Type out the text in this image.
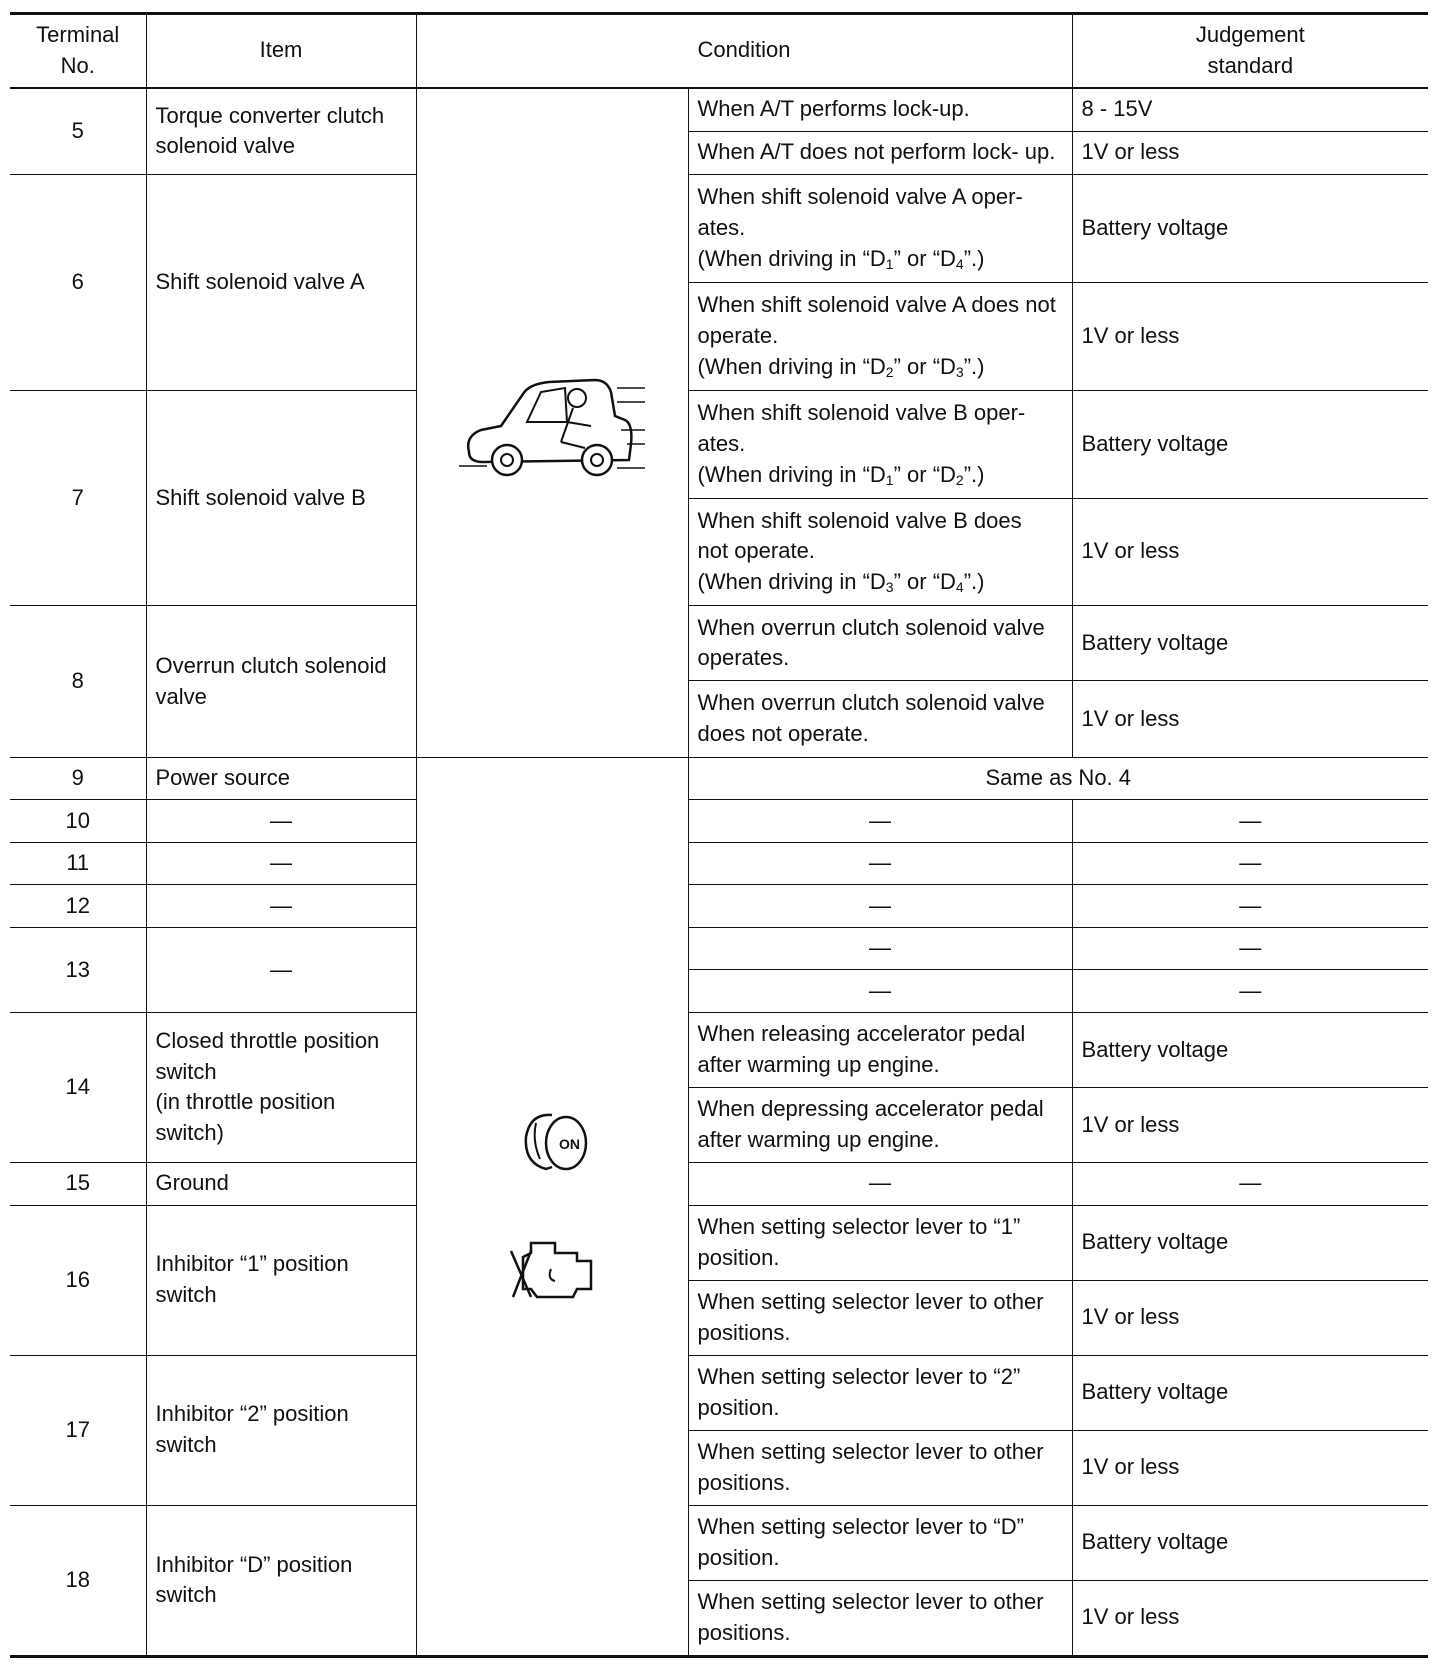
Terminal
No.	Item	Condition		Judgement
standard
5	Torque converter clutch solenoid valve		When A/T performs lock-up.	8 - 15V
			When A/T does not perform lock- up.	1V or less
6	Shift solenoid valve A		When shift solenoid valve A oper-
ates.
(When driving in “$D_1$” or “$D_4$”.)	Battery voltage
			When shift solenoid valve A does not
operate.
(When driving in “$D_2$” or “$D_3$”.)	1V or less
7	Shift solenoid valve B		When shift solenoid valve B oper-
ates.
(When driving in “$D_1$” or “$D_2$”.)	Battery voltage
			When shift solenoid valve B does
not operate.
(When driving in “$D_3$” or “$D_4$”.)	1V or less
8	Overrun clutch solenoid valve		When overrun clutch solenoid valve operates.	Battery voltage
			When overrun clutch solenoid valve does not operate.	1V or less
9	Power source	ON	Same as No. 4	
10	—		—	—
11	—		—	—
12	—		—	—
13	—		—	—
			—	—
14	Closed throttle position switch
(in throttle position switch)		When releasing accelerator pedal after warming up engine.	Battery voltage
			When depressing accelerator pedal after warming up engine.	1V or less
15	Ground		—	—
16	Inhibitor “1” position switch		When setting selector lever to “1” position.	Battery voltage
			When setting selector lever to other positions.	1V or less
17	Inhibitor “2” position switch		When setting selector lever to “2” position.	Battery voltage
			When setting selector lever to other positions.	1V or less
18	Inhibitor “D” position switch		When setting selector lever to “D” position.	Battery voltage
			When setting selector lever to other positions.	1V or less
